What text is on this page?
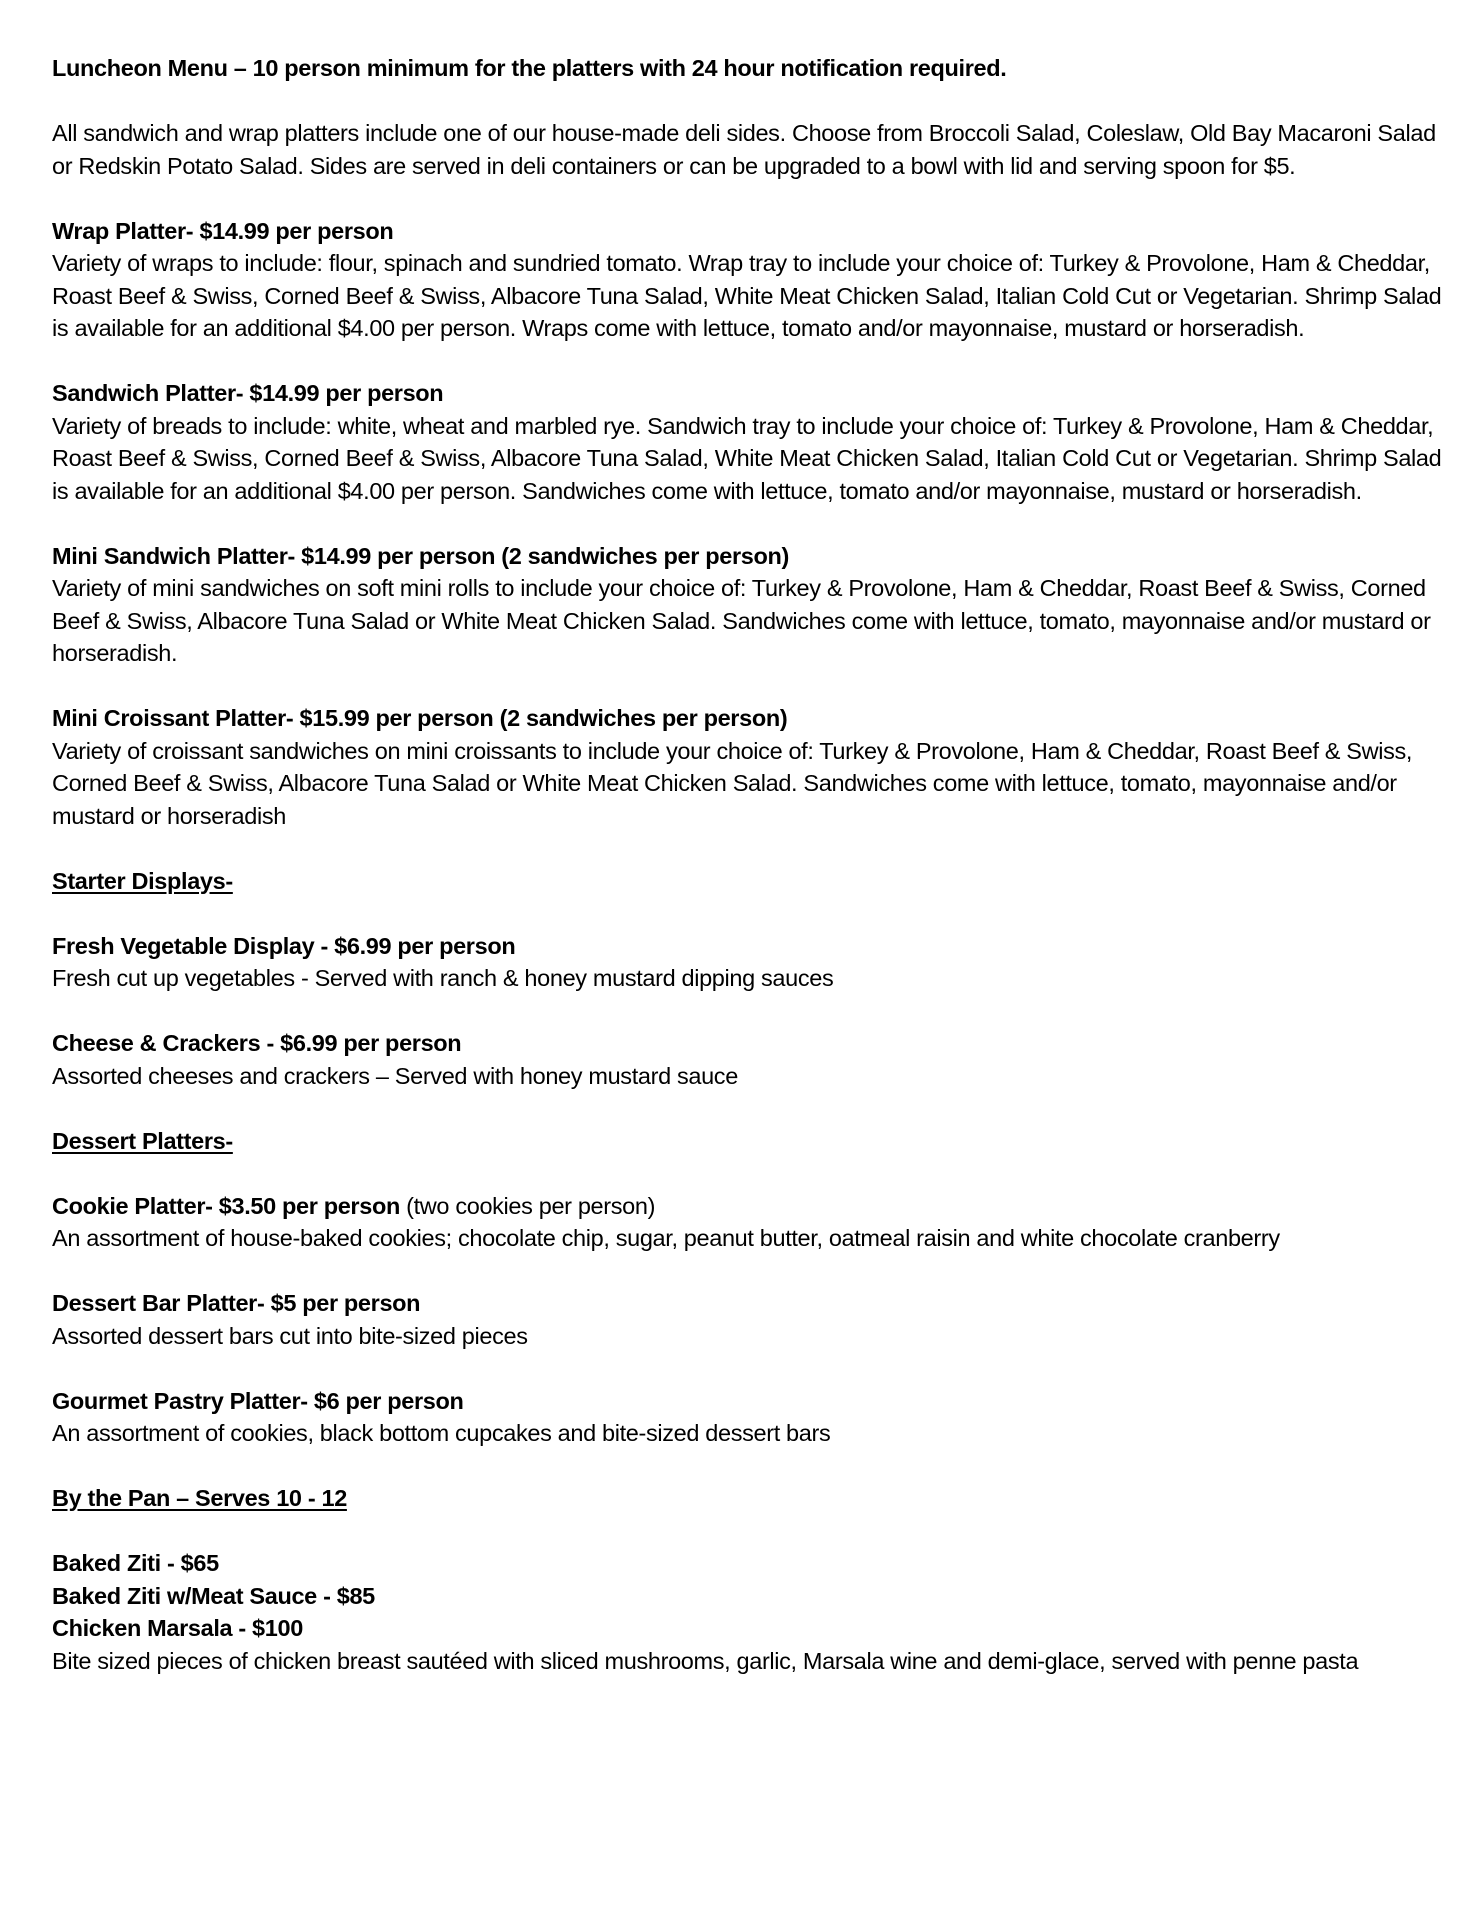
Luncheon Menu – 10 person minimum for the platters with 24 hour notification required.

All sandwich and wrap platters include one of our house-made deli sides. Choose from Broccoli Salad, Coleslaw, Old Bay Macaroni Salad or Redskin Potato Salad. Sides are served in deli containers or can be upgraded to a bowl with lid and serving spoon for $5.

Wrap Platter- $14.99 per person
Variety of wraps to include: flour, spinach and sundried tomato. Wrap tray to include your choice of: Turkey & Provolone, Ham & Cheddar, Roast Beef & Swiss, Corned Beef & Swiss, Albacore Tuna Salad, White Meat Chicken Salad, Italian Cold Cut or Vegetarian. Shrimp Salad is available for an additional $4.00 per person. Wraps come with lettuce, tomato and/or mayonnaise, mustard or horseradish.

Sandwich Platter- $14.99 per person
Variety of breads to include: white, wheat and marbled rye. Sandwich tray to include your choice of: Turkey & Provolone, Ham & Cheddar, Roast Beef & Swiss, Corned Beef & Swiss, Albacore Tuna Salad, White Meat Chicken Salad, Italian Cold Cut or Vegetarian. Shrimp Salad is available for an additional $4.00 per person. Sandwiches come with lettuce, tomato and/or mayonnaise, mustard or horseradish.

Mini Sandwich Platter- $14.99 per person (2 sandwiches per person)
Variety of mini sandwiches on soft mini rolls to include your choice of: Turkey & Provolone, Ham & Cheddar, Roast Beef & Swiss, Corned Beef & Swiss, Albacore Tuna Salad or White Meat Chicken Salad. Sandwiches come with lettuce, tomato, mayonnaise and/or mustard or horseradish.

Mini Croissant Platter- $15.99 per person (2 sandwiches per person)
Variety of croissant sandwiches on mini croissants to include your choice of: Turkey & Provolone, Ham & Cheddar, Roast Beef & Swiss, Corned Beef & Swiss, Albacore Tuna Salad or White Meat Chicken Salad. Sandwiches come with lettuce, tomato, mayonnaise and/or mustard or horseradish

Starter Displays-

Fresh Vegetable Display - $6.99 per person
Fresh cut up vegetables - Served with ranch & honey mustard dipping sauces

Cheese & Crackers - $6.99 per person
Assorted cheeses and crackers – Served with honey mustard sauce

Dessert Platters-

Cookie Platter- $3.50 per person (two cookies per person)
An assortment of house-baked cookies; chocolate chip, sugar, peanut butter, oatmeal raisin and white chocolate cranberry

Dessert Bar Platter- $5 per person
Assorted dessert bars cut into bite-sized pieces

Gourmet Pastry Platter- $6 per person
An assortment of cookies, black bottom cupcakes and bite-sized dessert bars

By the Pan – Serves 10 - 12

Baked Ziti - $65
Baked Ziti w/Meat Sauce - $85
Chicken Marsala - $100
Bite sized pieces of chicken breast sautéed with sliced mushrooms, garlic, Marsala wine and demi-glace, served with penne pasta
